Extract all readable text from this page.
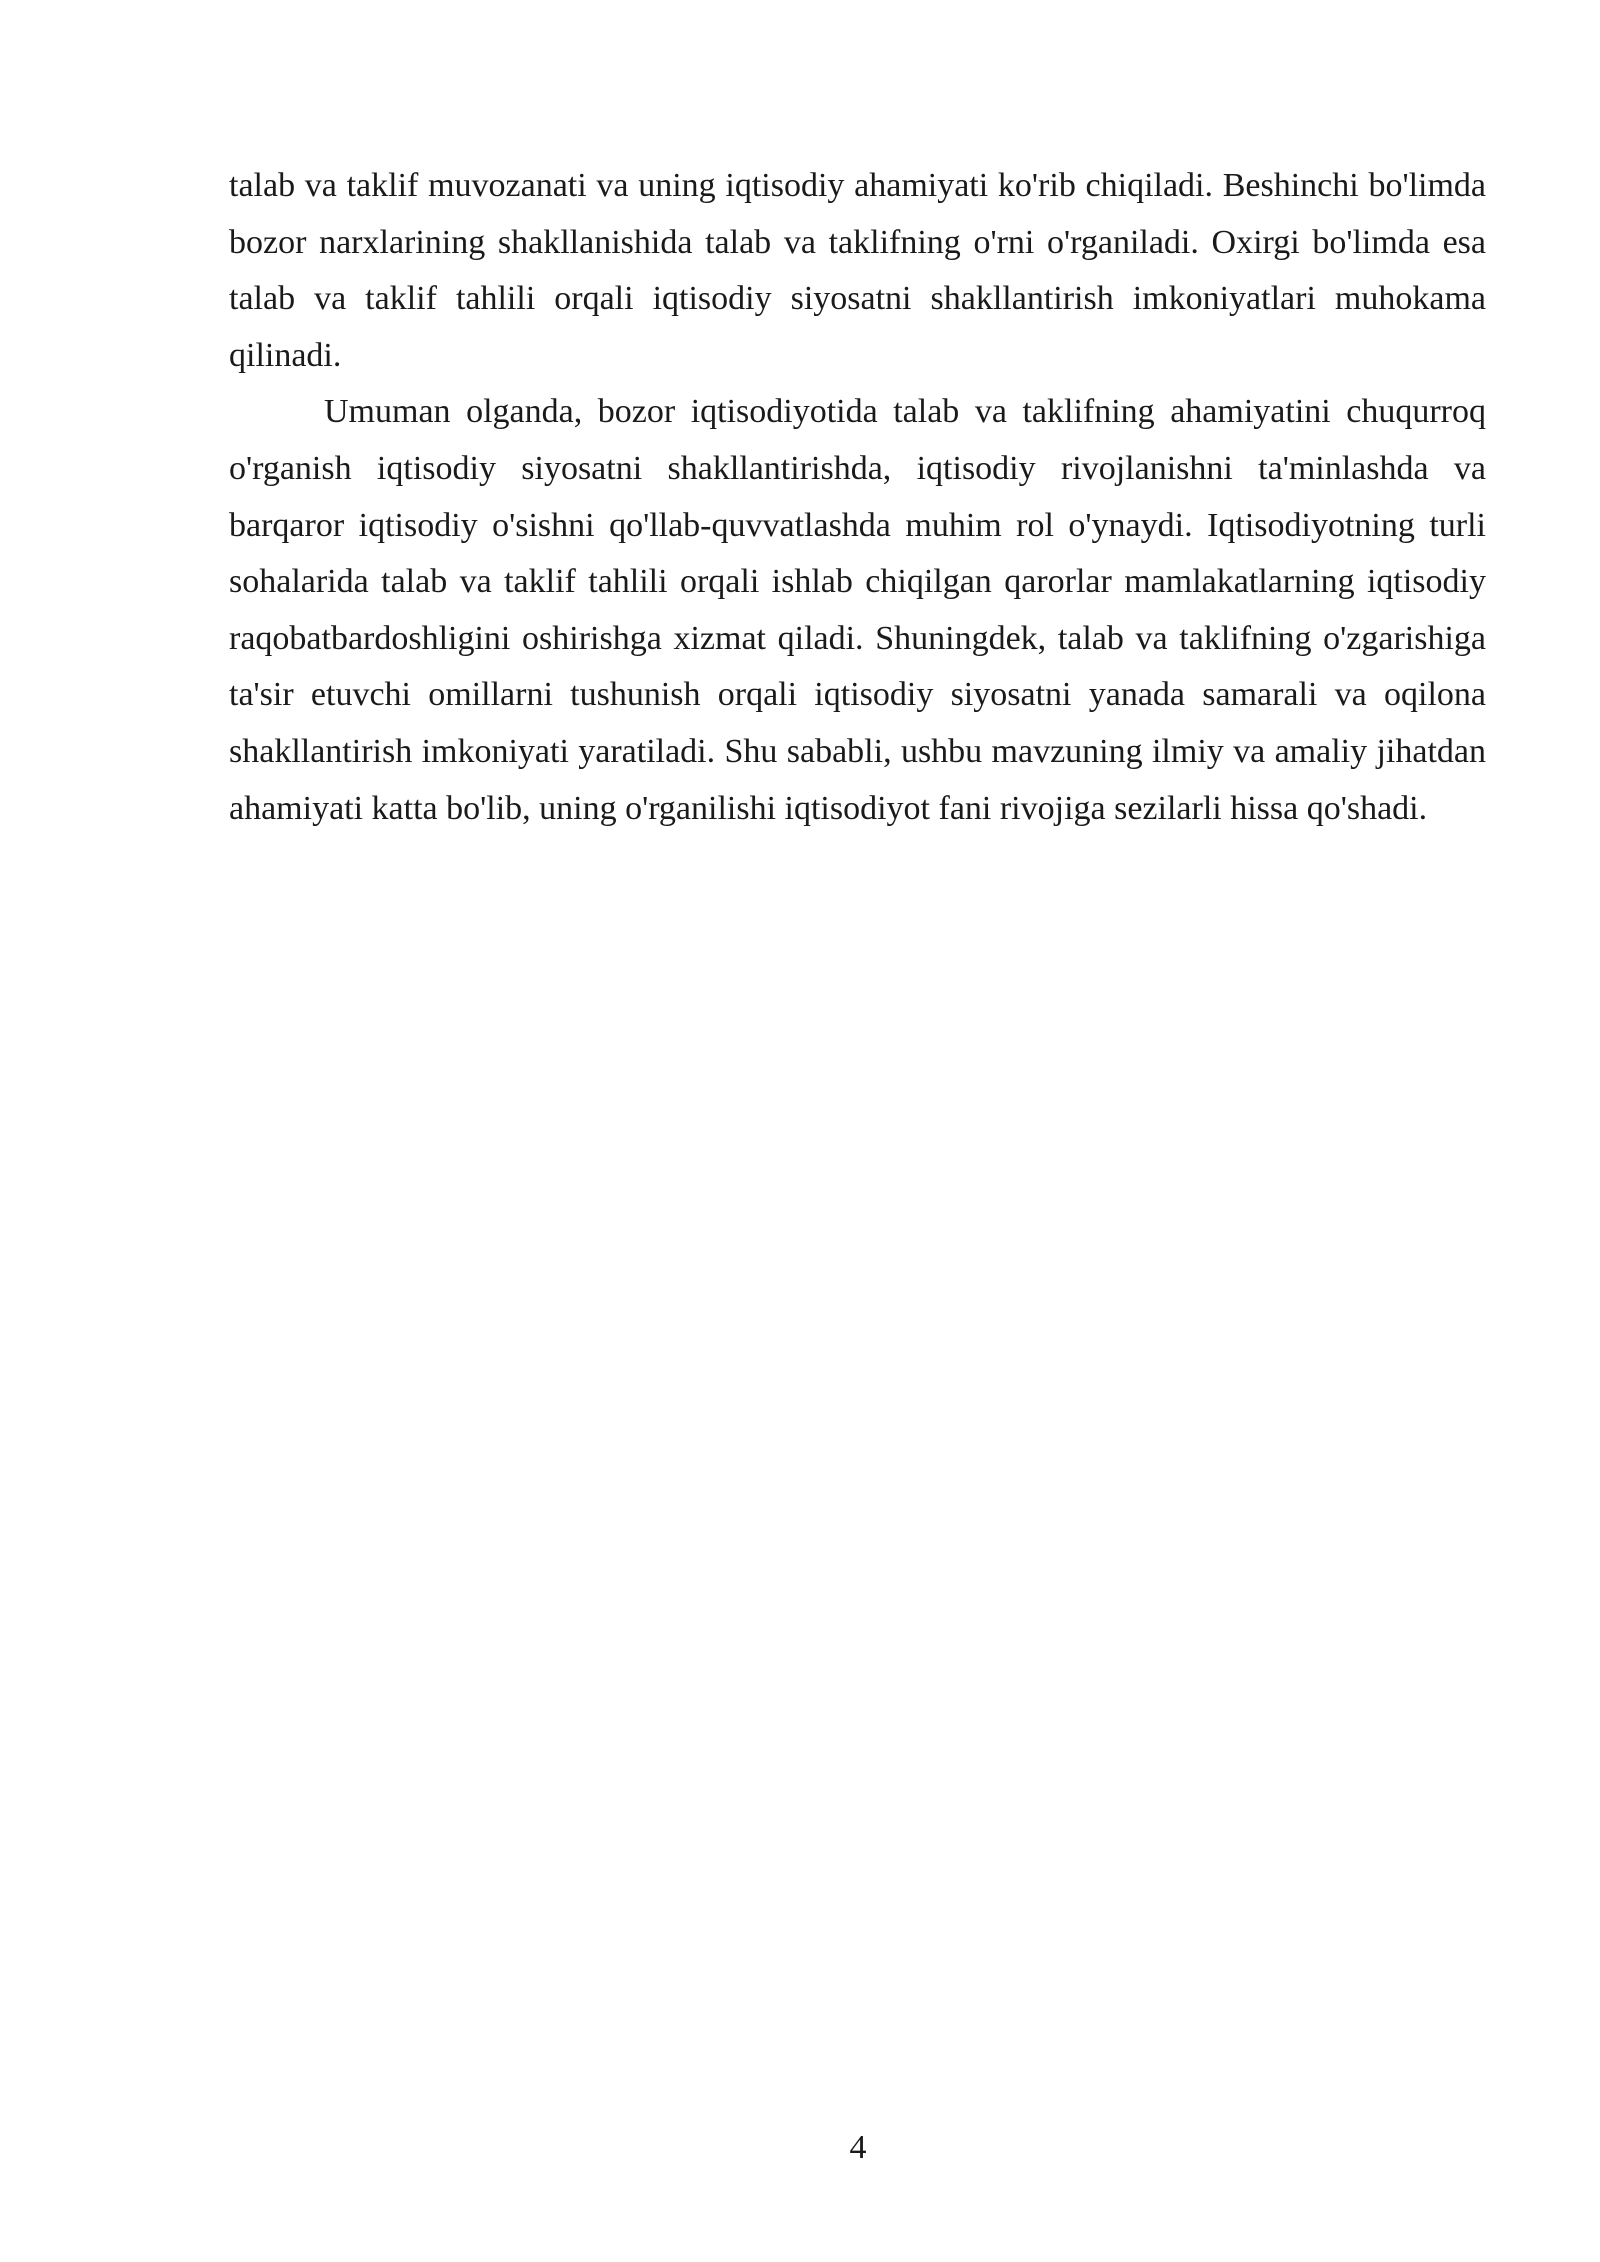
talab va taklif muvozanati va uning iqtisodiy ahamiyati ko'rib chiqiladi. Beshinchi bo'limda bozor narxlarining shakllanishida talab va taklifning o'rni o'rganiladi. Oxirgi bo'limda esa talab va taklif tahlili orqali iqtisodiy siyosatni shakllantirish imkoniyatlari muhokama qilinadi.

Umuman olganda, bozor iqtisodiyotida talab va taklifning ahamiyatini chuqurroq o'rganish iqtisodiy siyosatni shakllantirishda, iqtisodiy rivojlanishni ta'minlashda va barqaror iqtisodiy o'sishni qo'llab-quvvatlashda muhim rol o'ynaydi. Iqtisodiyotning turli sohalarida talab va taklif tahlili orqali ishlab chiqilgan qarorlar mamlakatlarning iqtisodiy raqobatbardoshligini oshirishga xizmat qiladi. Shuningdek, talab va taklifning o'zgarishiga ta'sir etuvchi omillarni tushunish orqali iqtisodiy siyosatni yanada samarali va oqilona shakllantirish imkoniyati yaratiladi. Shu sababli, ushbu mavzuning ilmiy va amaliy jihatdan ahamiyati katta bo'lib, uning o'rganilishi iqtisodiyot fani rivojiga sezilarli hissa qo'shadi.

4
